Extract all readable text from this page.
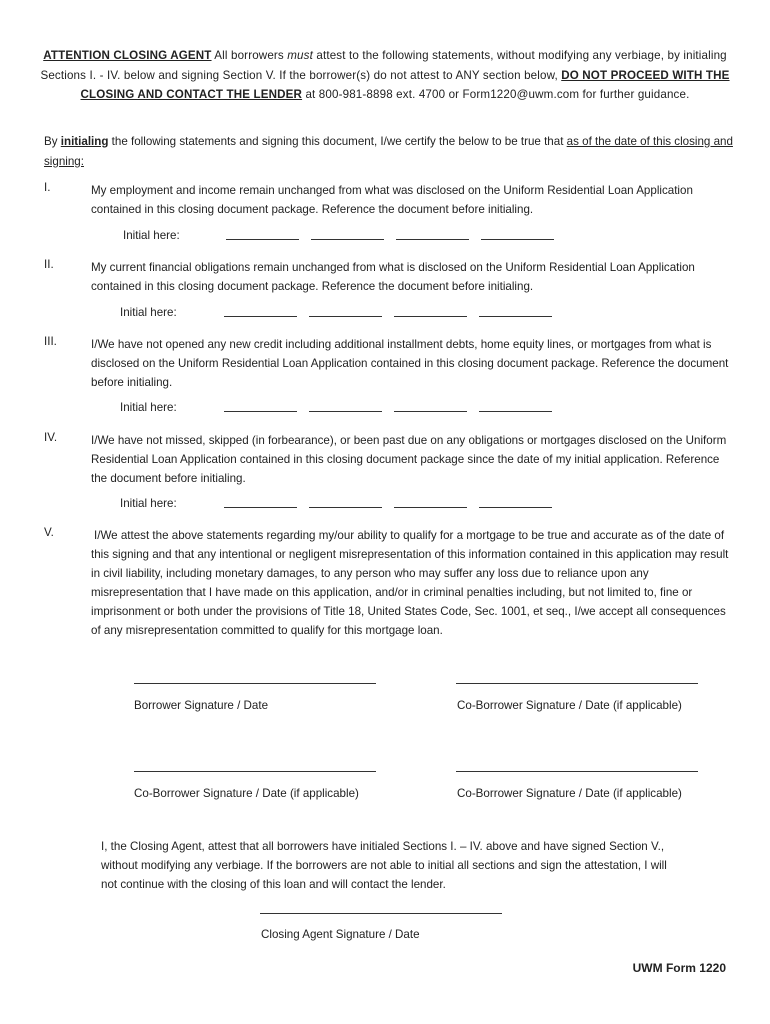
ATTENTION CLOSING AGENT All borrowers must attest to the following statements, without modifying any verbiage, by initialing Sections I. - IV. below and signing Section V. If the borrower(s) do not attest to ANY section below, DO NOT PROCEED WITH THE CLOSING AND CONTACT THE LENDER at 800-981-8898 ext. 4700 or Form1220@uwm.com for further guidance.
By initialing the following statements and signing this document, I/we certify the below to be true that as of the date of this closing and signing:
I.	My employment and income remain unchanged from what was disclosed on the Uniform Residential Loan Application contained in this closing document package. Reference the document before initialing.
Initial here:
II.	My current financial obligations remain unchanged from what is disclosed on the Uniform Residential Loan Application contained in this closing document package. Reference the document before initialing.
Initial here:
III.	I/We have not opened any new credit including additional installment debts, home equity lines, or mortgages from what is disclosed on the Uniform Residential Loan Application contained in this closing document package. Reference the document before initialing.
Initial here:
IV.	I/We have not missed, skipped (in forbearance), or been past due on any obligations or mortgages disclosed on the Uniform Residential Loan Application contained in this closing document package since the date of my initial application. Reference the document before initialing.
Initial here:
V.	I/We attest the above statements regarding my/our ability to qualify for a mortgage to be true and accurate as of the date of this signing and that any intentional or negligent misrepresentation of this information contained in this application may result in civil liability, including monetary damages, to any person who may suffer any loss due to reliance upon any misrepresentation that I have made on this application, and/or in criminal penalties including, but not limited to, fine or imprisonment or both under the provisions of Title 18, United States Code, Sec. 1001, et seq., I/we accept all consequences of any misrepresentation committed to qualify for this mortgage loan.
Borrower Signature / Date	Co-Borrower Signature / Date (if applicable)
Co-Borrower Signature / Date (if applicable)	Co-Borrower Signature / Date (if applicable)
I, the Closing Agent, attest that all borrowers have initialed Sections I. – IV. above and have signed Section V., without modifying any verbiage. If the borrowers are not able to initial all sections and sign the attestation, I will not continue with the closing of this loan and will contact the lender.
Closing Agent Signature / Date
UWM Form 1220
